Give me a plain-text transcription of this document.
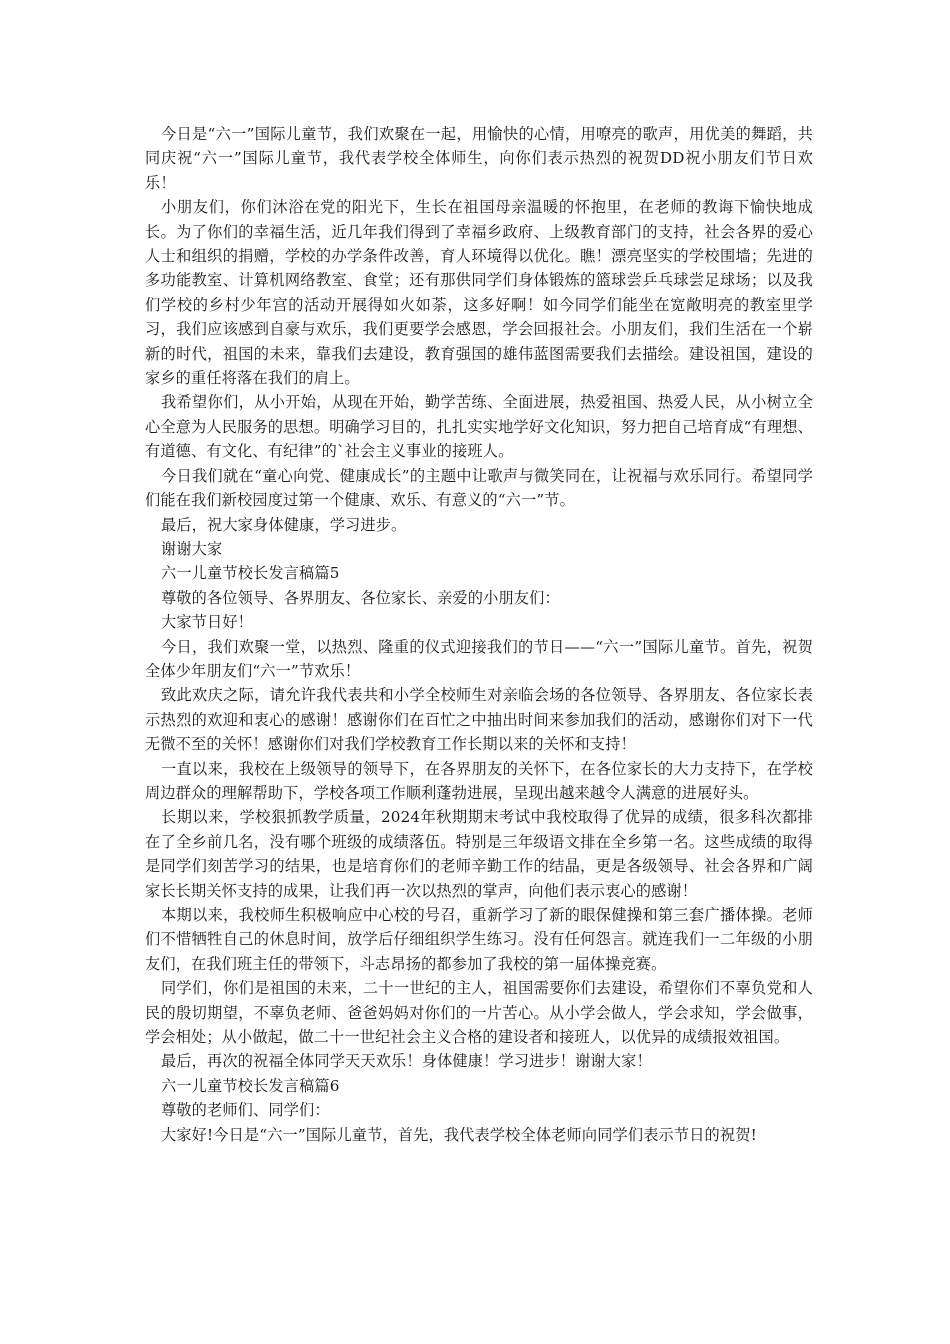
今日是“六一”国际儿童节，我们欢聚在一起，用愉快的心情，用嘹亮的歌声，用优美的舞蹈，共同庆祝“六一”国际儿童节，我代表学校全体师生，向你们表示热烈的祝贺DD祝小朋友们节日欢乐！

小朋友们，你们沐浴在党的阳光下，生长在祖国母亲温暖的怀抱里，在老师的教诲下愉快地成长。为了你们的幸福生活，近几年我们得到了幸福乡政府、上级教育部门的支持，社会各界的爱心人士和组织的捐赠，学校的办学条件改善，育人环境得以优化。瞧！漂亮坚实的学校围墙；先进的多功能教室、计算机网络教室、食堂；还有那供同学们身体锻炼的篮球尝乒乓球尝足球场；以及我们学校的乡村少年宫的活动开展得如火如荼，这多好啊！如今同学们能坐在宽敞明亮的教室里学习，我们应该感到自豪与欢乐，我们更要学会感恩，学会回报社会。小朋友们，我们生活在一个崭新的时代，祖国的未来，靠我们去建设，教育强国的雄伟蓝图需要我们去描绘。建设祖国，建设的家乡的重任将落在我们的肩上。

我希望你们，从小开始，从现在开始，勤学苦练、全面进展，热爱祖国、热爱人民，从小树立全心全意为人民服务的思想。明确学习目的，扎扎实实地学好文化知识，努力把自己培育成“有理想、有道德、有文化、有纪律”的`社会主义事业的接班人。

今日我们就在“童心向党、健康成长”的主题中让歌声与微笑同在，让祝福与欢乐同行。希望同学们能在我们新校园度过第一个健康、欢乐、有意义的“六一”节。

最后，祝大家身体健康，学习进步。

谢谢大家

六一儿童节校长发言稿篇5

尊敬的各位领导、各界朋友、各位家长、亲爱的小朋友们：

大家节日好！

今日，我们欢聚一堂，以热烈、隆重的仪式迎接我们的节日——“六一”国际儿童节。首先，祝贺全体少年朋友们“六一”节欢乐！

致此欢庆之际，请允许我代表共和小学全校师生对亲临会场的各位领导、各界朋友、各位家长表示热烈的欢迎和衷心的感谢！感谢你们在百忙之中抽出时间来参加我们的活动，感谢你们对下一代无微不至的关怀！感谢你们对我们学校教育工作长期以来的关怀和支持！

一直以来，我校在上级领导的领导下，在各界朋友的关怀下，在各位家长的大力支持下，在学校周边群众的理解帮助下，学校各项工作顺利蓬勃进展，呈现出越来越令人满意的进展好头。

长期以来，学校狠抓教学质量，2024年秋期期末考试中我校取得了优异的成绩，很多科次都排在了全乡前几名，没有哪个班级的成绩落伍。特别是三年级语文排在全乡第一名。这些成绩的取得是同学们刻苦学习的结果，也是培育你们的老师辛勤工作的结晶，更是各级领导、社会各界和广阔家长长期关怀支持的成果，让我们再一次以热烈的掌声，向他们表示衷心的感谢！

本期以来，我校师生积极响应中心校的号召，重新学习了新的眼保健操和第三套广播体操。老师们不惜牺牲自己的休息时间，放学后仔细组织学生练习。没有任何怨言。就连我们一二年级的小朋友们，在我们班主任的带领下，斗志昂扬的都参加了我校的第一届体操竞赛。

同学们，你们是祖国的未来，二十一世纪的主人，祖国需要你们去建设，希望你们不辜负党和人民的殷切期望，不辜负老师、爸爸妈妈对你们的一片苦心。从小学会做人，学会求知，学会做事，学会相处；从小做起，做二十一世纪社会主义合格的建设者和接班人，以优异的成绩报效祖国。

最后，再次的祝福全体同学天天欢乐！身体健康！学习进步！谢谢大家！

六一儿童节校长发言稿篇6

尊敬的老师们、同学们：

大家好!今日是“六一”国际儿童节，首先，我代表学校全体老师向同学们表示节日的祝贺!
